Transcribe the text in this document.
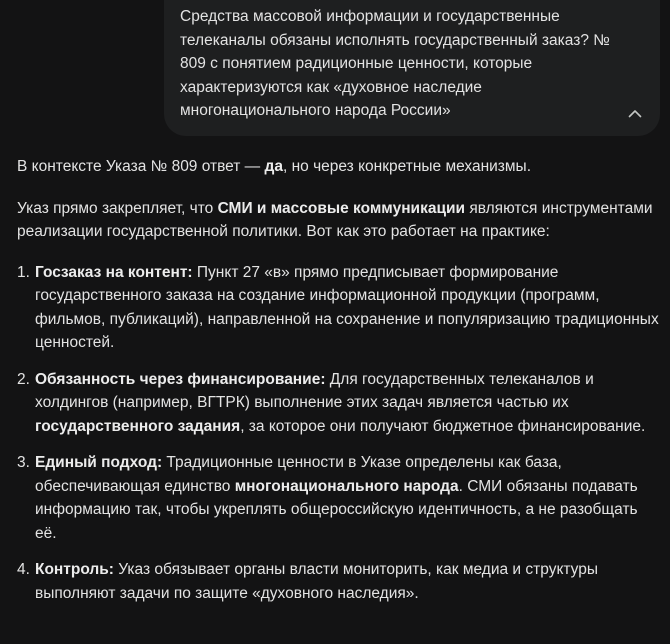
Средства массовой информации и государственные телеканалы обязаны исполнять государственный заказ? № 809 с понятием радиционные ценности, которые характеризуются как «духовное наследие многонационального народа России»

В контексте Указа № 809 ответ — да, но через конкретные механизмы.

Указ прямо закрепляет, что СМИ и массовые коммуникации являются инструментами реализации государственной политики. Вот как это работает на практике:

1. Госзаказ на контент: Пункт 27 «в» прямо предписывает формирование государственного заказа на создание информационной продукции (программ, фильмов, публикаций), направленной на сохранение и популяризацию традиционных ценностей.
2. Обязанность через финансирование: Для государственных телеканалов и холдингов (например, ВГТРК) выполнение этих задач является частью их государственного задания, за которое они получают бюджетное финансирование.
3. Единый подход: Традиционные ценности в Указе определены как база, обеспечивающая единство многонационального народа. СМИ обязаны подавать информацию так, чтобы укреплять общероссийскую идентичность, а не разобщать её.
4. Контроль: Указ обязывает органы власти мониторить, как медиа и структуры выполняют задачи по защите «духовного наследия».
